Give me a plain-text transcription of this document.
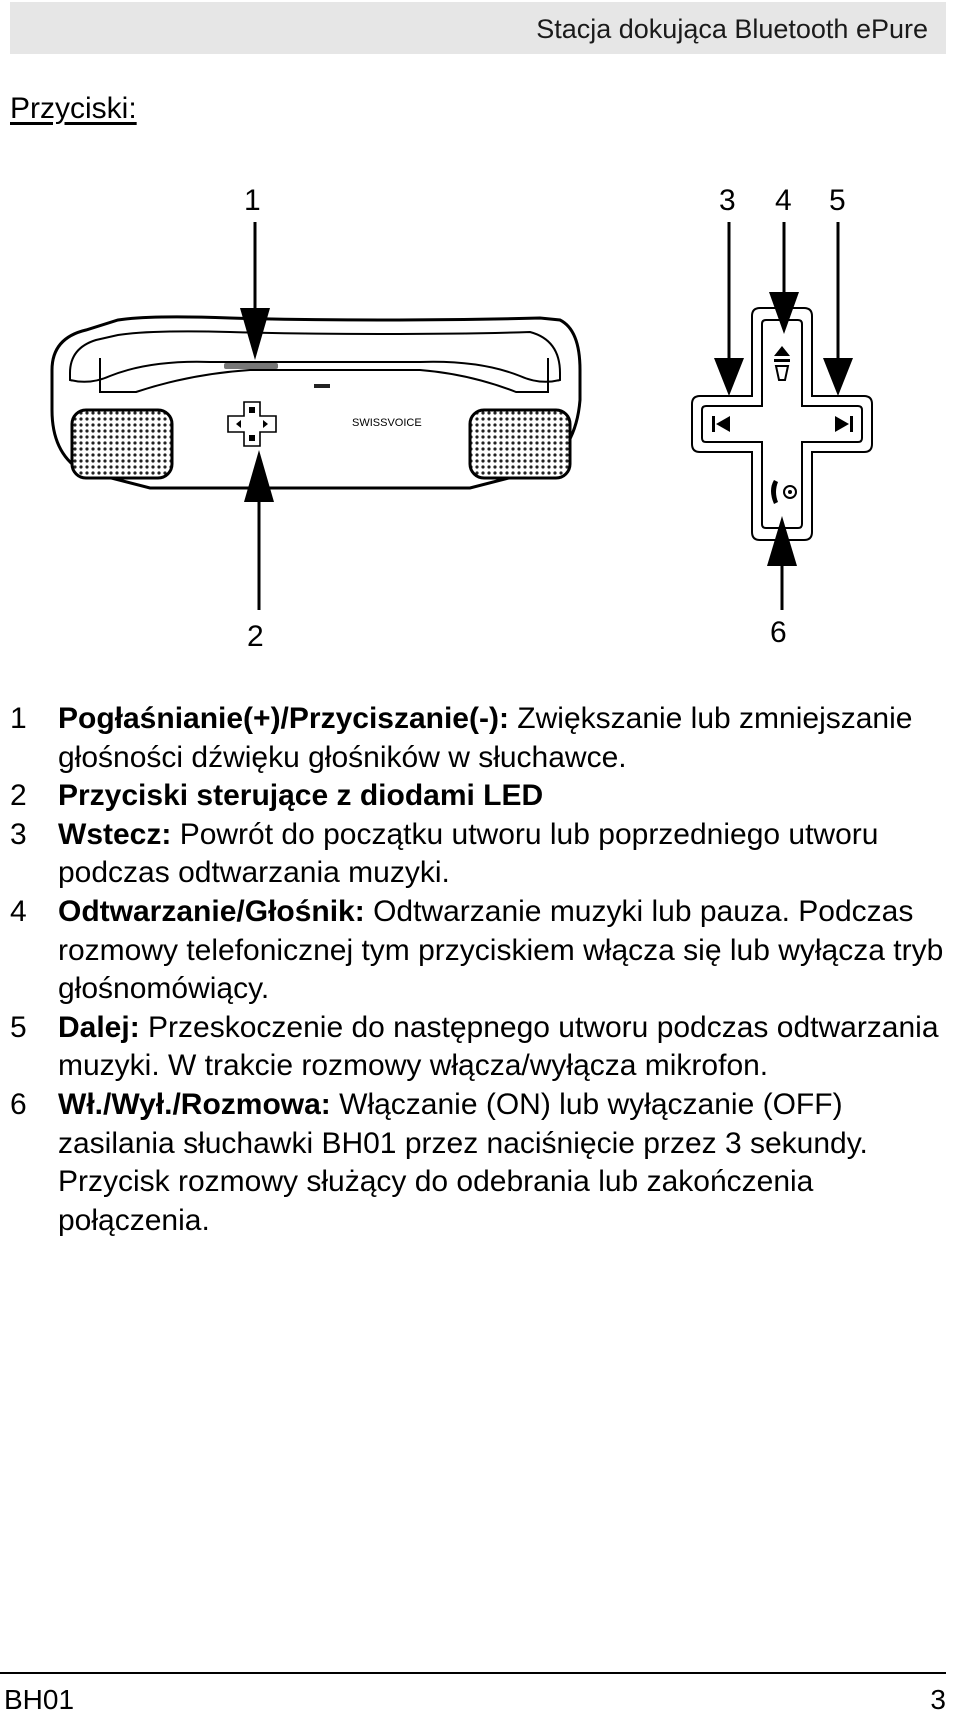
Stacja dokująca Bluetooth ePure
Przyciski:
1
2
3 4 5
6
SWISSVOICE
1 Pogłaśnianie(+)/Przyciszanie(-): Zwiększanie lub zmniejszanie głośności dźwięku głośników w słuchawce.
2 Przyciski sterujące z diodami LED
3 Wstecz: Powrót do początku utworu lub poprzedniego utworu podczas odtwarzania muzyki.
4 Odtwarzanie/Głośnik: Odtwarzanie muzyki lub pauza. Podczas rozmowy telefonicznej tym przyciskiem włącza się lub wyłącza tryb głośnomówiący.
5 Dalej: Przeskoczenie do następnego utworu podczas odtwarzania muzyki. W trakcie rozmowy włącza/wyłącza mikrofon.
6 Wł./Wył./Rozmowa: Włączanie (ON) lub wyłączanie (OFF) zasilania słuchawki BH01 przez naciśnięcie przez 3 sekundy. Przycisk rozmowy służący do odebrania lub zakończenia połączenia.
BH01	3
